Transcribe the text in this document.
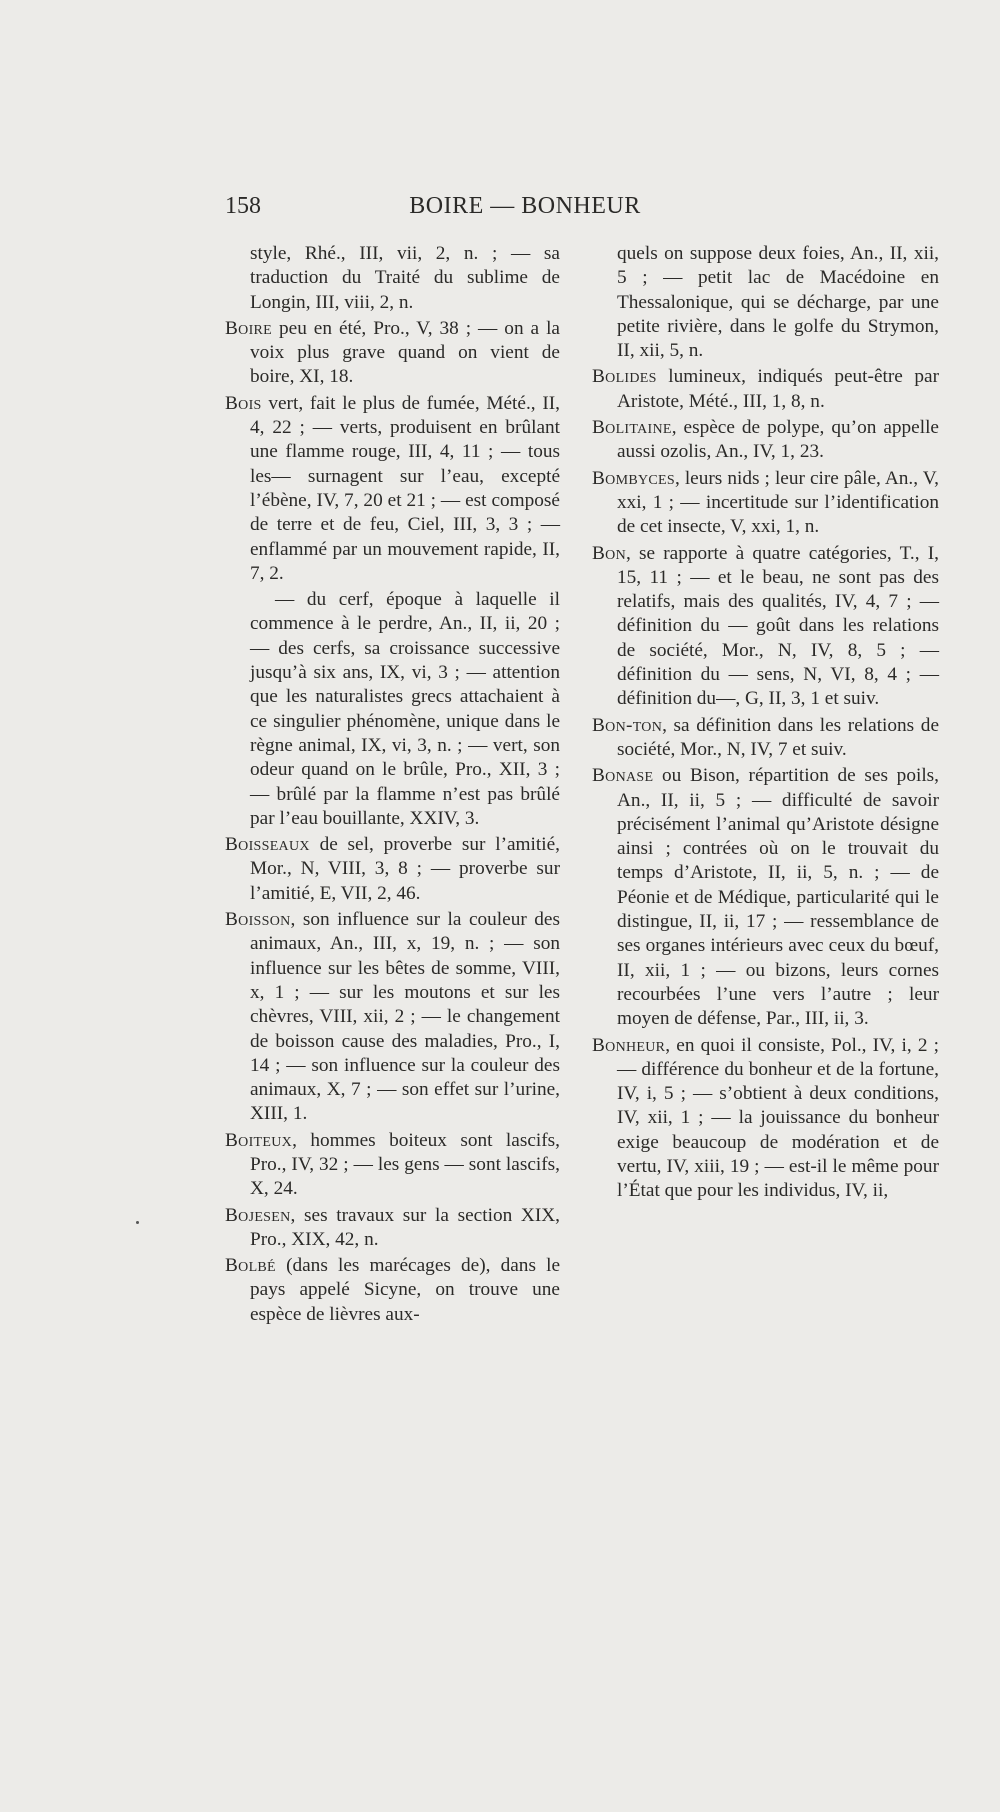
158	BOIRE — BONHEUR

style, Rhé., III, vii, 2, n. ; — sa traduction du Traité du sublime de Longin, III, viii, 2, n.

Boire peu en été, Pro., V, 38 ; — on a la voix plus grave quand on vient de boire, XI, 18.

Bois vert, fait le plus de fumée, Mété., II, 4, 22 ; — verts, produisent en brûlant une flamme rouge, III, 4, 11 ; — tous les— surnagent sur l’eau, excepté l’ébène, IV, 7, 20 et 21 ; — est composé de terre et de feu, Ciel, III, 3, 3 ; — enflammé par un mouvement rapide, II, 7, 2.

— du cerf, époque à laquelle il commence à le perdre, An., II, ii, 20 ; — des cerfs, sa croissance successive jusqu’à six ans, IX, vi, 3 ; — attention que les naturalistes grecs attachaient à ce singulier phénomène, unique dans le règne animal, IX, vi, 3, n. ; — vert, son odeur quand on le brûle, Pro., XII, 3 ; — brûlé par la flamme n’est pas brûlé par l’eau bouillante, XXIV, 3.

Boisseaux de sel, proverbe sur l’amitié, Mor., N, VIII, 3, 8 ; — proverbe sur l’amitié, E, VII, 2, 46.

Boisson, son influence sur la couleur des animaux, An., III, x, 19, n. ; — son influence sur les bêtes de somme, VIII, x, 1 ; — sur les moutons et sur les chèvres, VIII, xii, 2 ; — le changement de boisson cause des maladies, Pro., I, 14 ; — son influence sur la couleur des animaux, X, 7 ; — son effet sur l’urine, XIII, 1.

Boiteux, hommes boiteux sont lascifs, Pro., IV, 32 ; — les gens — sont lascifs, X, 24.

Bojesen, ses travaux sur la section XIX, Pro., XIX, 42, n.

Bolbé (dans les marécages de), dans le pays appelé Sicyne, on trouve une espèce de lièvres aux-

quels on suppose deux foies, An., II, xii, 5 ; — petit lac de Macédoine en Thessalonique, qui se décharge, par une petite rivière, dans le golfe du Strymon, II, xii, 5, n.

Bolides lumineux, indiqués peut-être par Aristote, Mété., III, 1, 8, n.

Bolitaine, espèce de polype, qu’on appelle aussi ozolis, An., IV, 1, 23.

Bombyces, leurs nids ; leur cire pâle, An., V, xxi, 1 ; — incertitude sur l’identification de cet insecte, V, xxi, 1, n.

Bon, se rapporte à quatre catégories, T., I, 15, 11 ; — et le beau, ne sont pas des relatifs, mais des qualités, IV, 4, 7 ; — définition du — goût dans les relations de société, Mor., N, IV, 8, 5 ; — définition du — sens, N, VI, 8, 4 ; — définition du—, G, II, 3, 1 et suiv.

Bon-ton, sa définition dans les relations de société, Mor., N, IV, 7 et suiv.

Bonase ou Bison, répartition de ses poils, An., II, ii, 5 ; — difficulté de savoir précisément l’animal qu’Aristote désigne ainsi ; contrées où on le trouvait du temps d’Aristote, II, ii, 5, n. ; — de Péonie et de Médique, particularité qui le distingue, II, ii, 17 ; — ressemblance de ses organes intérieurs avec ceux du bœuf, II, xii, 1 ; — ou bizons, leurs cornes recourbées l’une vers l’autre ; leur moyen de défense, Par., III, ii, 3.

Bonheur, en quoi il consiste, Pol., IV, i, 2 ; — différence du bonheur et de la fortune, IV, i, 5 ; — s’obtient à deux conditions, IV, xii, 1 ; — la jouissance du bonheur exige beaucoup de modération et de vertu, IV, xiii, 19 ; — est-il le même pour l’État que pour les individus, IV, ii,
